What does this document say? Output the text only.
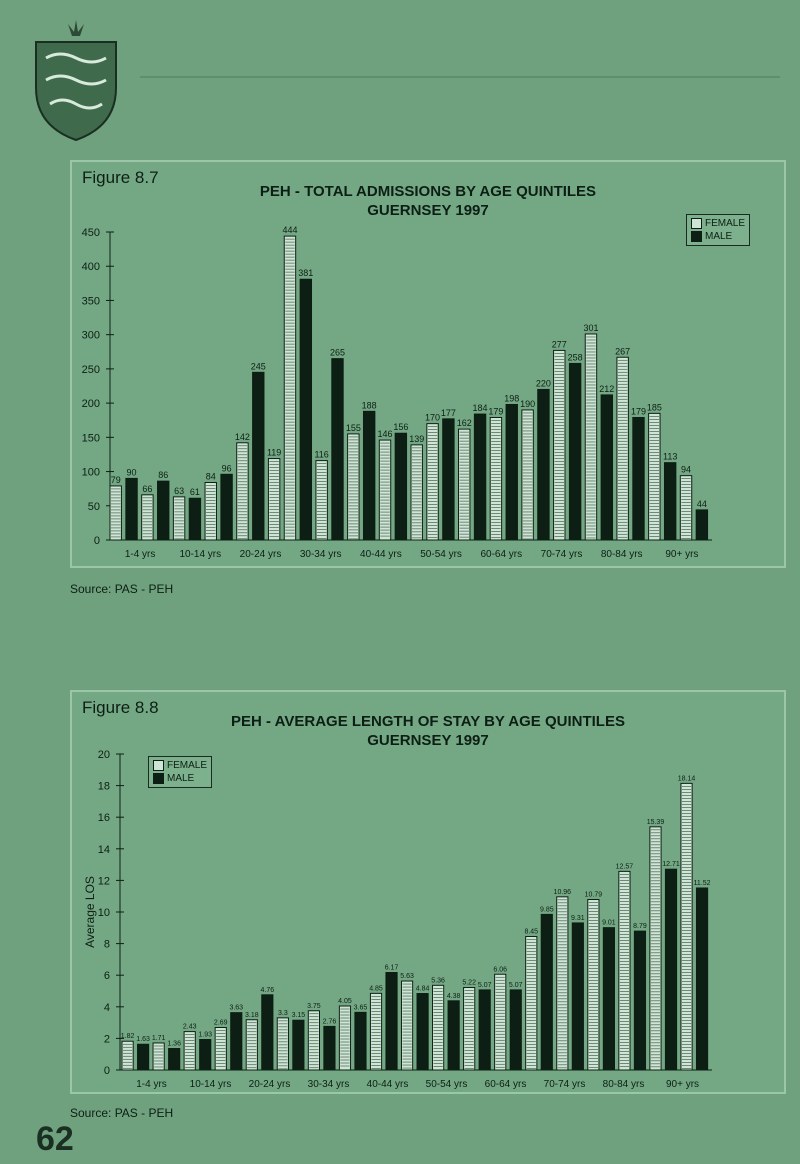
Figure 8.7
PEH - TOTAL ADMISSIONS BY AGE QUINTILES
GUERNSEY 1997
0
50
100
150
200
250
300
350
400
450
79
90
66
86
63 61
84
96
142
245
119
444
381
116
265
155
188
146
156
139
170 177
162
184 179
198
190
220
277
258
301
212
267
179 185
113
94
44
1-4 yrs 10-14 yrs 20-24 yrs 30-34 yrs 40-44 yrs 50-54 yrs 60-64 yrs 70-74 yrs 80-84 yrs 90+ yrs
FEMALE
MALE
Source: PAS - PEH
Figure 8.8
PEH - AVERAGE LENGTH OF STAY BY AGE QUINTILES
GUERNSEY 1997
0
2
4
6
8
10
12
14
16
18
20
1.82 1.63 1.71
1.36
2.43
1.93
2.69
3.63
3.18
4.76
3.3 3.15
3.75
2.76
4.05
3.65
4.85
6.17
5.63
4.84
5.36
4.38
5.22 5.07
6.06
5.07
8.45
9.85
10.96
9.31
10.79
9.01
12.57
8.79
15.39
12.71
18.14
11.52
1-4 yrs 10-14 yrs 20-24 yrs 30-34 yrs 40-44 yrs 50-54 yrs 60-64 yrs 70-74 yrs 80-84 yrs 90+ yrs
Average LOS
FEMALE
MALE
Source: PAS - PEH
62
